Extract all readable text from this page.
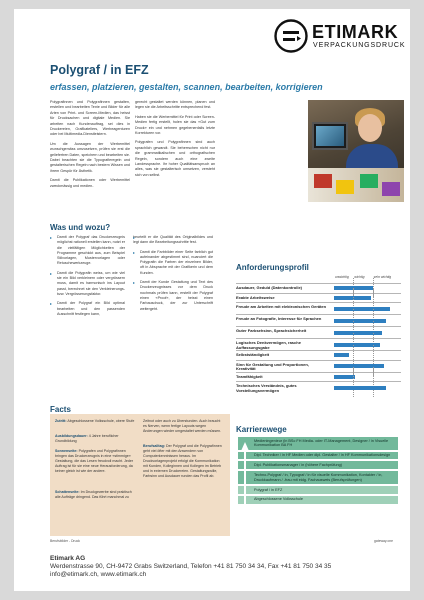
ETIMARK
VERPACKUNGSDRUCK
Polygraf / in EFZ
erfassen, platzieren, gestalten, scannen, bearbeiten, korrigieren

Polygrafinnen und Polygrafinnen gestalten, erstellen und bearbeiten Texte und Bilder für alle Arten von Print- und Screen-Medien, das heisst für Drucksachen und digitale Medien. Sie arbeiten nach Kundenauftrag, sei dies in Druckereien, Grafikateliers, Werbeagenturen oder bei Multimedia-Dienstleistern.

Um die Aussagen der Werbemittel wunschgemäss umzusetzen, prüfen sie erst die geliefertren Daten, speichern und bearbeiten sie. Dabei beachten sie die Typografieregeln und gestalterischen Regeln nach bestem Wissen und ihrem Gespür für Ästhetik.

Damit die Publikationen oder Werbemittel zweckmässig und medien-

gerecht gestaltet werden können, planen und legen sie die Arbeitsschritte entsprechend fest.

Haben sie die Werbemittel für Print oder Screen-Medien fertig erstellt, holen sie das «Gut zum Druck» ein und nehmen gegebenenfalls letzte Korrekturen vor.

Polygrafen und Polygrafinnen sind auch sprachlich gewandt. Sie beherrschen nicht nur die grammatikalischen und orthografischen Regeln, sondern auch eine zweite Landessprache. Ihr hoher Qualitätsanspruch an alles, was sie gestalterisch umsetzen, versteht sich von selbst.

Was und wozu?
▸ Damit der Polygraf das Druckerzeugnis möglichst rationell erstellen kann, nutzt er die vielfältigen Möglichkeiten der Programme geschickt aus, zum Beispiel Stilvorlagen, Mustervorlagen oder Retuschewerkzeuge.
▸ Damit die Polygrafin weiss, um wie viel sie ein Bild verkleinern oder vergrössern muss, damit es harmonisch ins Layout passt, berechnet sie den Verkleinerungs- bzw. Vergrösserungsfaktor.
▸ Damit der Polygraf ein Bild optimal bearbeiten und den passenden Ausschnitt festlegen kann,
▸ beurteilt er die Qualität des Originalbildes und legt dann die Bearbeitungsschritte fest.
▸ Damit die Farbbilder einer Seite farblich gut aufeinander abgestimmt sind, nuanciert die Polygrafin die Farben der einzelnen Bilder, oft in Absprache mit der Grafikerin und dem Kunden.
▸ Damit der Kunde Gestaltung und Text des Druckerzeugnisses vor dem Druck nochmals prüfen kann, erstellt der Polygraf einen «Proof», der heisst einen Farbausdruck, der zur Unterschrift weitergeht.
Anforderungsprofil
unwichtig wichtig	sehr wichtig
Ausdauer, Geduld (Datenkontrolle)
Exakte Arbeitsweise
Freude am Arbeiten mit elektronischen Geräten
Freude an Fotografie, Interesse für Sprachen
Guter Farbsehsinn, Sprachsicherheit
Logisches Denkvermögen, rasche Auffassungsgabe
Selbstständigkeit
Sinn für Gestaltung und Proportionen, Kreativität
Teamfähigkeit
Technisches Verständnis, gutes Vorstellungsvermögen
Facts
Zutritt: Abgeschlossene Volksschule, obere Stufe
Ausbildungsdauer: 4 Jahre beruflicher Grundbildung
Sonnenseite: Polygrafen und Polygrafinnen bringen das Druckerzeugnis in eine «stimmige» Gestaltung, die das Lesen freudvoll macht. Jeder Auftrag ist für sie eine neue Herausforderung, da keiner gleich ist wie der andere.
Schattenseite: Im Druckgewerbe sind praktisch alle Aufträge dringend. Das führt manchmal zu
Zeitnot oder auch zu Überstunden. Auch braucht es Nerven, wenn fertige Layouts wegen Änderungen wieder umgestaltet werden müssen.
Berufsalltag: Der Polygraf und die Polygrafinnen geht viel öfter mit den Anwendern von Computerkenntnissen heraus. Im Druckvorlagenprojekt erfolgt die Kommunikation mit Kunden, Kolleginnen und Kollegen im Betrieb und in externen Druckereien. Gestaltungswille, Farbsinn und Ausdauer runden das Profil ab.
Berufsbilder - Druck	gateway.one
Karrierewege
Medieningenieur (in BSc FH Media- oder IT-Management, Designer / in Visuelle Kommunikation BA FH
Dipl. Techniker / in HF Medien oder dipl. Gestalter / in HF Kommunikationsdesign
Dipl. Publikationsmanager / in (höhere Fachprüfung)
Techno-Polygraf / in, Typograf / in für visuelle Kommunikation, Kontakter / in, Druckkaufmann / -frau mit eidg. Fachausweis (Berufsprüfungen)
Polygraf / in EFZ
Abgeschlossene Volksschule
Etimark AG
Werdenstrasse 90, CH-9472 Grabs Switzerland, Telefon +41 81 750 34 34, Fax +41 81 750 34 35
info@etimark.ch, www.etimark.ch
